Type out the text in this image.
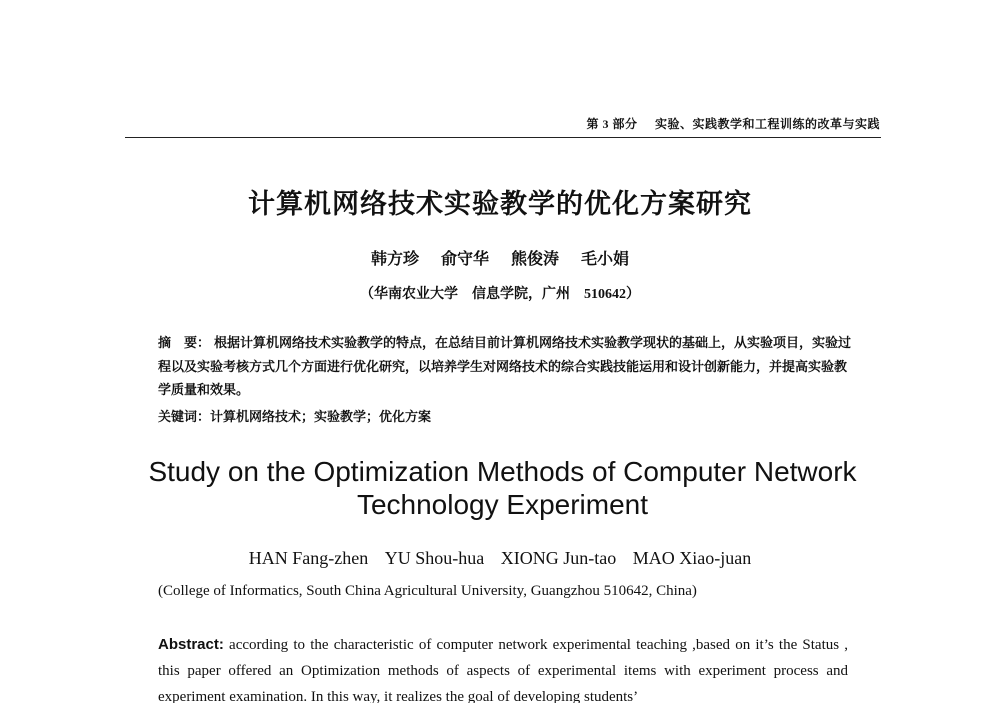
第 3 部分 实验、实践教学和工程训练的改革与实践
计算机网络技术实验教学的优化方案研究
韩方珍 俞守华 熊俊涛 毛小娟
（华南农业大学　信息学院，广州　510642）
摘　要： 根据计算机网络技术实验教学的特点，在总结目前计算机网络技术实验教学现状的基础上，从实验项目，实验过程以及实验考核方式几个方面进行优化研究，以培养学生对网络技术的综合实践技能运用和设计创新能力，并提高实验教学质量和效果。
关键词：计算机网络技术；实验教学；优化方案
Study on the Optimization Methods of Computer Network Technology Experiment
HAN Fang-zhen YU Shou-hua XIONG Jun-tao MAO Xiao-juan
(College of Informatics, South China Agricultural University, Guangzhou 510642, China)
Abstract: according to the characteristic of computer network experimental teaching ,based on it’s the Status , this paper offered an Optimization methods of aspects of experimental items with experiment process and experiment examination. In this way, it realizes the goal of developing students’
